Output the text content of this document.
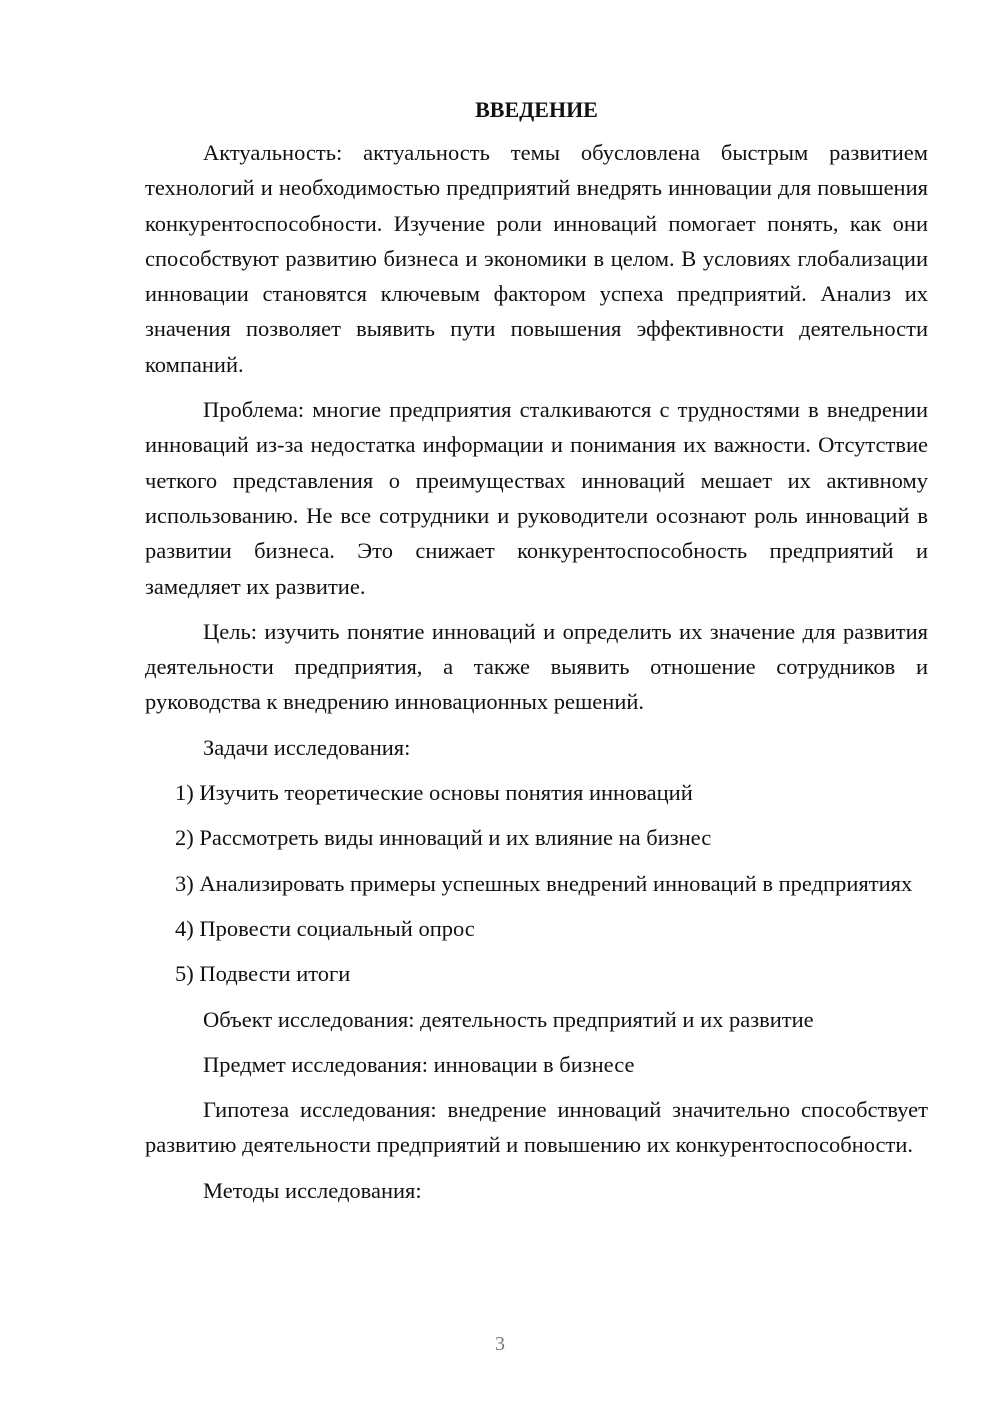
ВВЕДЕНИЕ

Актуальность: актуальность темы обусловлена быстрым развитием технологий и необходимостью предприятий внедрять инновации для повышения конкурентоспособности. Изучение роли инноваций помогает понять, как они способствуют развитию бизнеса и экономики в целом. В условиях глобализации инновации становятся ключевым фактором успеха предприятий. Анализ их значения позволяет выявить пути повышения эффективности деятельности компаний.

Проблема: многие предприятия сталкиваются с трудностями в внедрении инноваций из-за недостатка информации и понимания их важности. Отсутствие четкого представления о преимуществах инноваций мешает их активному использованию. Не все сотрудники и руководители осознают роль инноваций в развитии бизнеса. Это снижает конкурентоспособность предприятий и замедляет их развитие.

Цель: изучить понятие инноваций и определить их значение для развития деятельности предприятия, а также выявить отношение сотрудников и руководства к внедрению инновационных решений.

Задачи исследования:

1) Изучить теоретические основы понятия инноваций

2) Рассмотреть виды инноваций и их влияние на бизнес

3) Анализировать примеры успешных внедрений инноваций в предприятиях

4) Провести социальный опрос

5) Подвести итоги

Объект исследования: деятельность предприятий и их развитие

Предмет исследования: инновации в бизнесе

Гипотеза исследования: внедрение инноваций значительно способствует развитию деятельности предприятий и повышению их конкурентоспособности.

Методы исследования:

3
